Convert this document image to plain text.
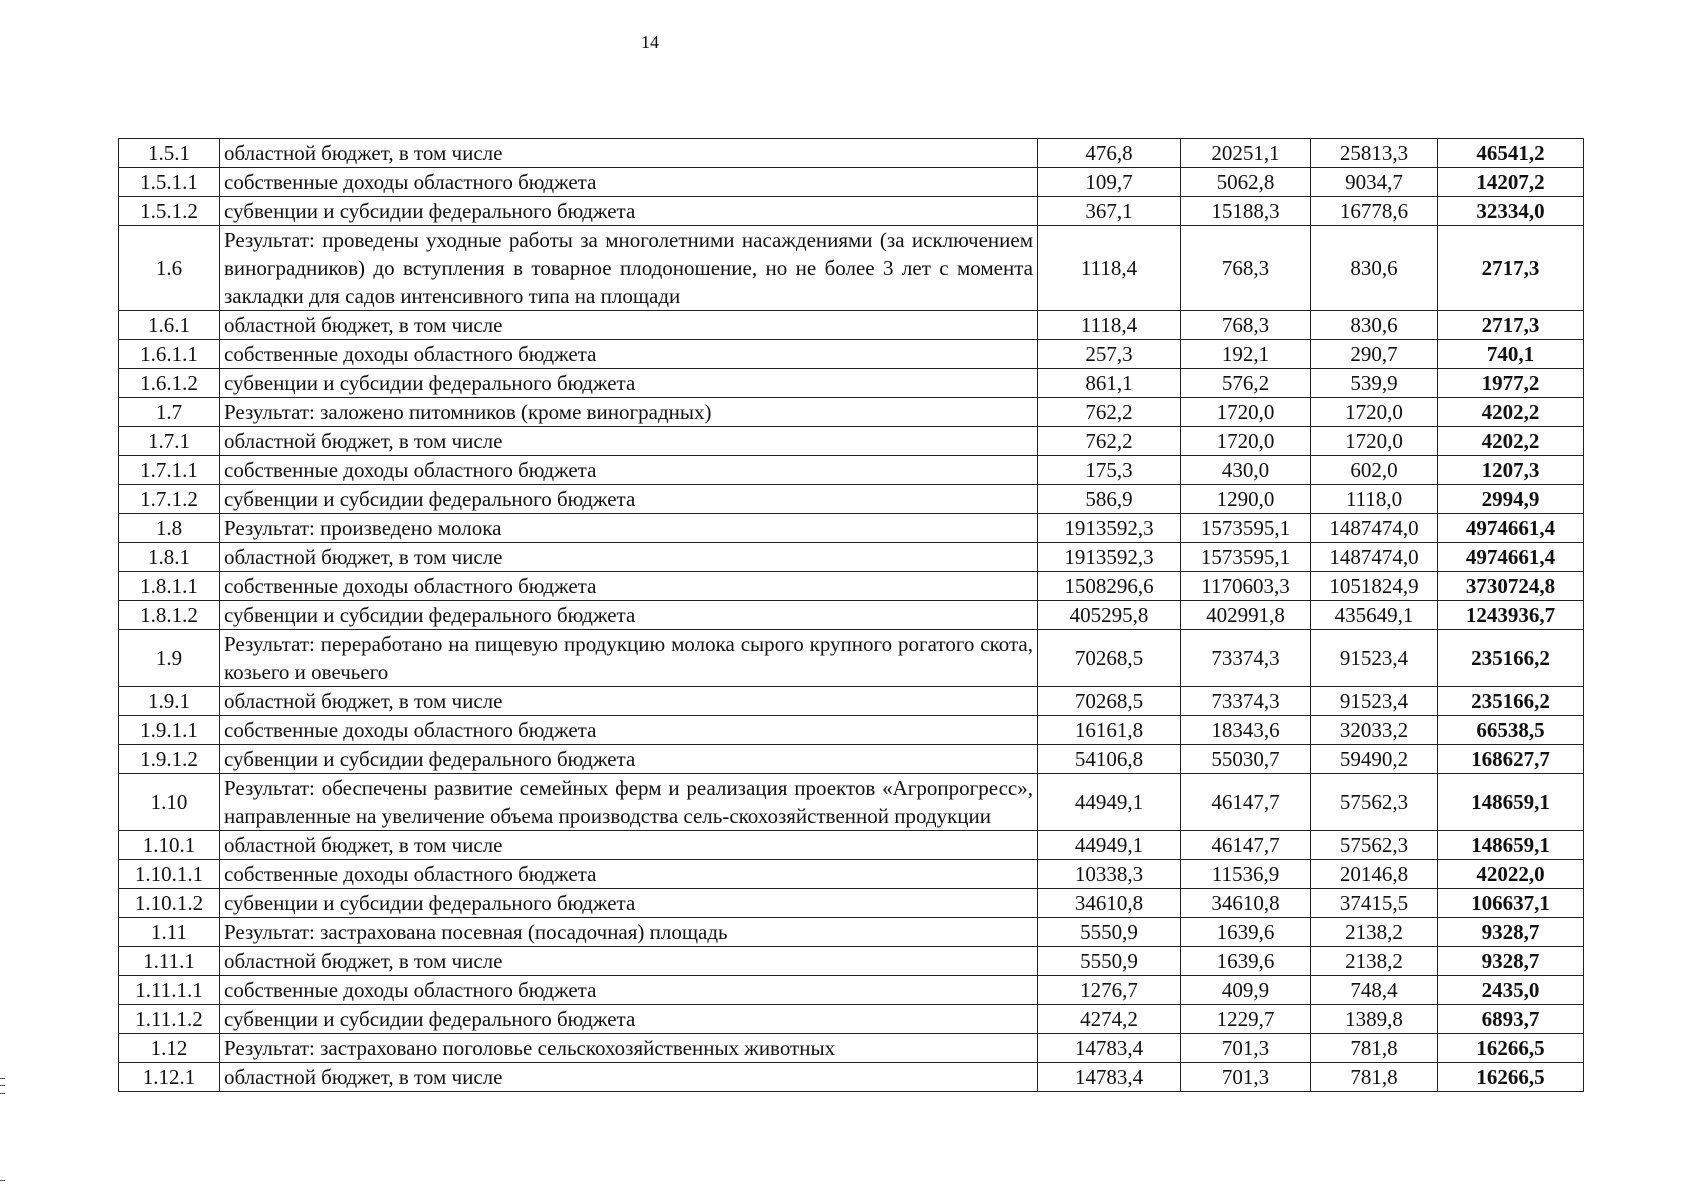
14
1.5.1	областной бюджет, в том числе	476,8	20251,1	25813,3	46541,2
1.5.1.1	собственные доходы областного бюджета	109,7	5062,8	9034,7	14207,2
1.5.1.2	субвенции и субсидии федерального бюджета	367,1	15188,3	16778,6	32334,0
1.6	Результат: проведены уходные работы за многолетними насаждениями (за исключением виноградников) до вступления в товарное плодоношение, но не более 3 лет с момента закладки для садов интенсивного типа на площади	1118,4	768,3	830,6	2717,3
1.6.1	областной бюджет, в том числе	1118,4	768,3	830,6	2717,3
1.6.1.1	собственные доходы областного бюджета	257,3	192,1	290,7	740,1
1.6.1.2	субвенции и субсидии федерального бюджета	861,1	576,2	539,9	1977,2
1.7	Результат: заложено питомников (кроме виноградных)	762,2	1720,0	1720,0	4202,2
1.7.1	областной бюджет, в том числе	762,2	1720,0	1720,0	4202,2
1.7.1.1	собственные доходы областного бюджета	175,3	430,0	602,0	1207,3
1.7.1.2	субвенции и субсидии федерального бюджета	586,9	1290,0	1118,0	2994,9
1.8	Результат: произведено молока	1913592,3	1573595,1	1487474,0	4974661,4
1.8.1	областной бюджет, в том числе	1913592,3	1573595,1	1487474,0	4974661,4
1.8.1.1	собственные доходы областного бюджета	1508296,6	1170603,3	1051824,9	3730724,8
1.8.1.2	субвенции и субсидии федерального бюджета	405295,8	402991,8	435649,1	1243936,7
1.9	Результат: переработано на пищевую продукцию молока сырого крупного рогатого скота, козьего и овечьего	70268,5	73374,3	91523,4	235166,2
1.9.1	областной бюджет, в том числе	70268,5	73374,3	91523,4	235166,2
1.9.1.1	собственные доходы областного бюджета	16161,8	18343,6	32033,2	66538,5
1.9.1.2	субвенции и субсидии федерального бюджета	54106,8	55030,7	59490,2	168627,7
1.10	Результат: обеспечены развитие семейных ферм и реализация проектов «Агропрогресс», направленные на увеличение объема производства сель-скохозяйственной продукции	44949,1	46147,7	57562,3	148659,1
1.10.1	областной бюджет, в том числе	44949,1	46147,7	57562,3	148659,1
1.10.1.1	собственные доходы областного бюджета	10338,3	11536,9	20146,8	42022,0
1.10.1.2	субвенции и субсидии федерального бюджета	34610,8	34610,8	37415,5	106637,1
1.11	Результат: застрахована посевная (посадочная) площадь	5550,9	1639,6	2138,2	9328,7
1.11.1	областной бюджет, в том числе	5550,9	1639,6	2138,2	9328,7
1.11.1.1	собственные доходы областного бюджета	1276,7	409,9	748,4	2435,0
1.11.1.2	субвенции и субсидии федерального бюджета	4274,2	1229,7	1389,8	6893,7
1.12	Результат: застраховано поголовье сельскохозяйственных животных	14783,4	701,3	781,8	16266,5
1.12.1	областной бюджет, в том числе	14783,4	701,3	781,8	16266,5
